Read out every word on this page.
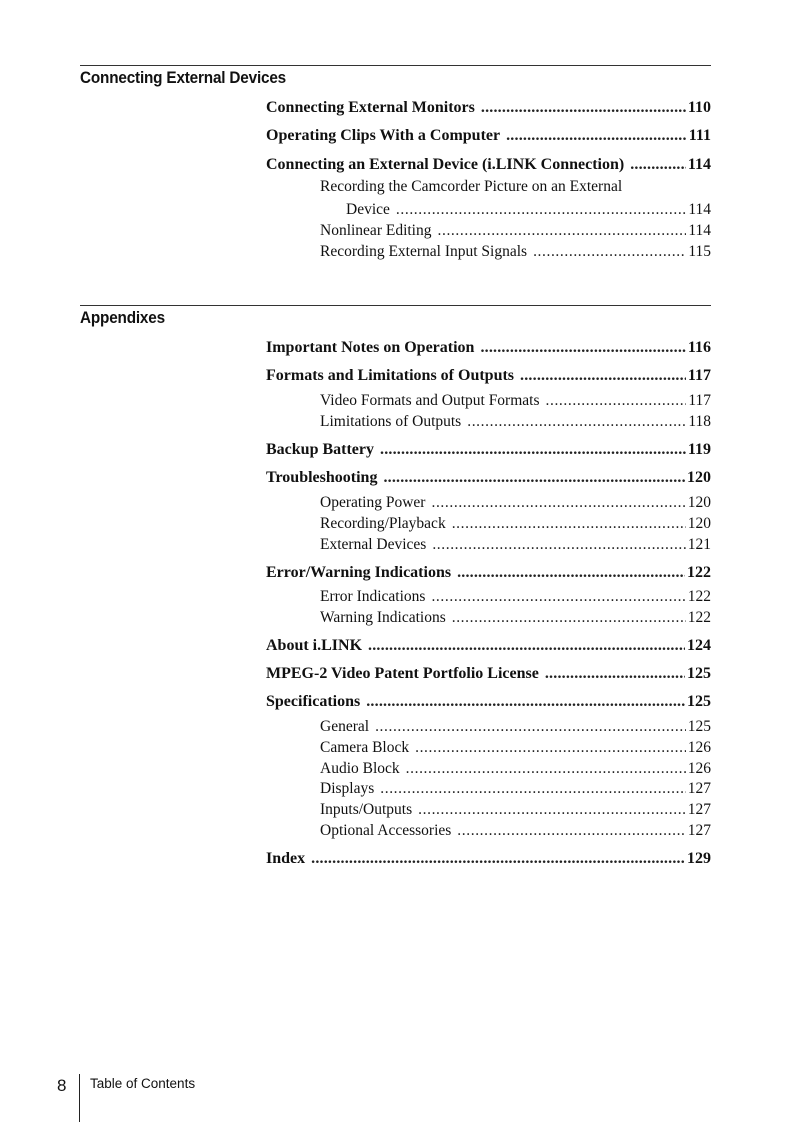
Connecting External Devices
Connecting External Monitors .....	110
Operating Clips With a Computer .....	111
Connecting an External Device (i.LINK Connection) .....	114
Recording the Camcorder Picture on an External
Device .....	114
Nonlinear Editing .....	114
Recording External Input Signals .....	115
Appendixes
Important Notes on Operation .....	116
Formats and Limitations of Outputs .....	117
Video Formats and Output Formats .....	117
Limitations of Outputs .....	118
Backup Battery .....	119
Troubleshooting .....	120
Operating Power .....	120
Recording/Playback .....	120
External Devices .....	121
Error/Warning Indications .....	122
Error Indications .....	122
Warning Indications .....	122
About i.LINK .....	124
MPEG-2 Video Patent Portfolio License .....	125
Specifications .....	125
General .....	125
Camera Block .....	126
Audio Block .....	126
Displays .....	127
Inputs/Outputs .....	127
Optional Accessories .....	127
Index .....	129
8 Table of Contents
